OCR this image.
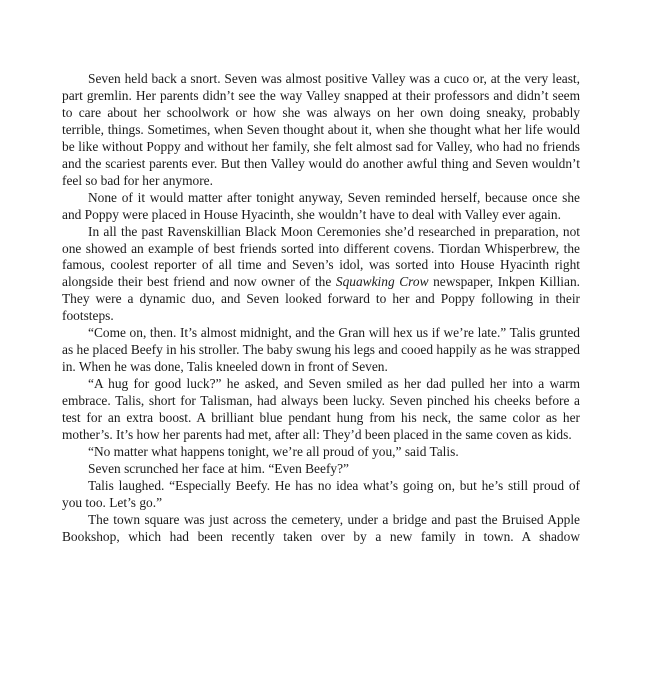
Seven held back a snort. Seven was almost positive Valley was a cuco or, at the very least, part gremlin. Her parents didn’t see the way Valley snapped at their professors and didn’t seem to care about her schoolwork or how she was always on her own doing sneaky, probably terrible, things. Sometimes, when Seven thought about it, when she thought what her life would be like without Poppy and without her family, she felt almost sad for Valley, who had no friends and the scariest parents ever. But then Valley would do another awful thing and Seven wouldn’t feel so bad for her anymore.

None of it would matter after tonight anyway, Seven reminded herself, because once she and Poppy were placed in House Hyacinth, she wouldn’t have to deal with Valley ever again.

In all the past Ravenskillian Black Moon Ceremonies she’d researched in preparation, not one showed an example of best friends sorted into different covens. Tiordan Whisperbrew, the famous, coolest reporter of all time and Seven’s idol, was sorted into House Hyacinth right alongside their best friend and now owner of the Squawking Crow newspaper, Inkpen Killian. They were a dynamic duo, and Seven looked forward to her and Poppy following in their footsteps.

“Come on, then. It’s almost midnight, and the Gran will hex us if we’re late.” Talis grunted as he placed Beefy in his stroller. The baby swung his legs and cooed happily as he was strapped in. When he was done, Talis kneeled down in front of Seven.

“A hug for good luck?” he asked, and Seven smiled as her dad pulled her into a warm embrace. Talis, short for Talisman, had always been lucky. Seven pinched his cheeks before a test for an extra boost. A brilliant blue pendant hung from his neck, the same color as her mother’s. It’s how her parents had met, after all: They’d been placed in the same coven as kids.

“No matter what happens tonight, we’re all proud of you,” said Talis.

Seven scrunched her face at him. “Even Beefy?”

Talis laughed. “Especially Beefy. He has no idea what’s going on, but he’s still proud of you too. Let’s go.”

The town square was just across the cemetery, under a bridge and past the Bruised Apple Bookshop, which had been recently taken over by a new family in town. A shadow
